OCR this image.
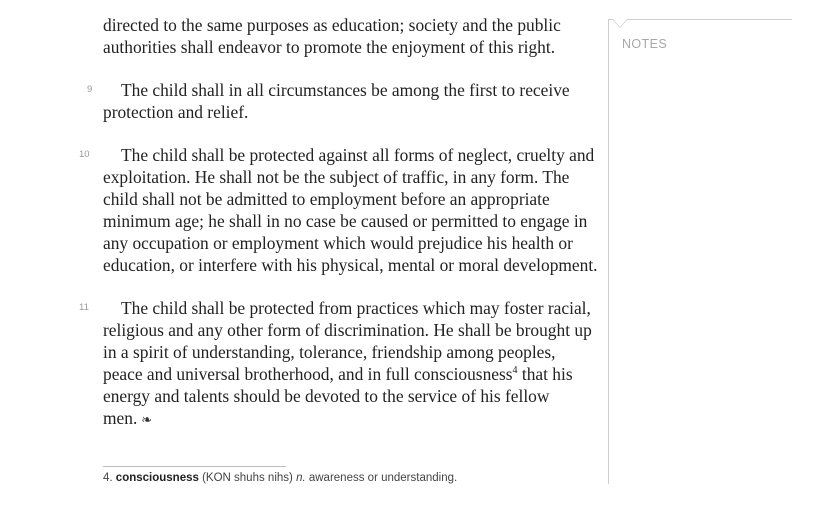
directed to the same purposes as education; society and the public authorities shall endeavor to promote the enjoyment of this right.

9 The child shall in all circumstances be among the first to receive protection and relief.

10 The child shall be protected against all forms of neglect, cruelty and exploitation. He shall not be the subject of traffic, in any form. The child shall not be admitted to employment before an appropriate minimum age; he shall in no case be caused or permitted to engage in any occupation or employment which would prejudice his health or education, or interfere with his physical, mental or moral development.

11 The child shall be protected from practices which may foster racial, religious and any other form of discrimination. He shall be brought up in a spirit of understanding, tolerance, friendship among peoples, peace and universal brotherhood, and in full consciousness$^4$ that his energy and talents should be devoted to the service of his fellow men. ❧

4. consciousness (KON shuhs nihs) n. awareness or understanding.
NOTES
